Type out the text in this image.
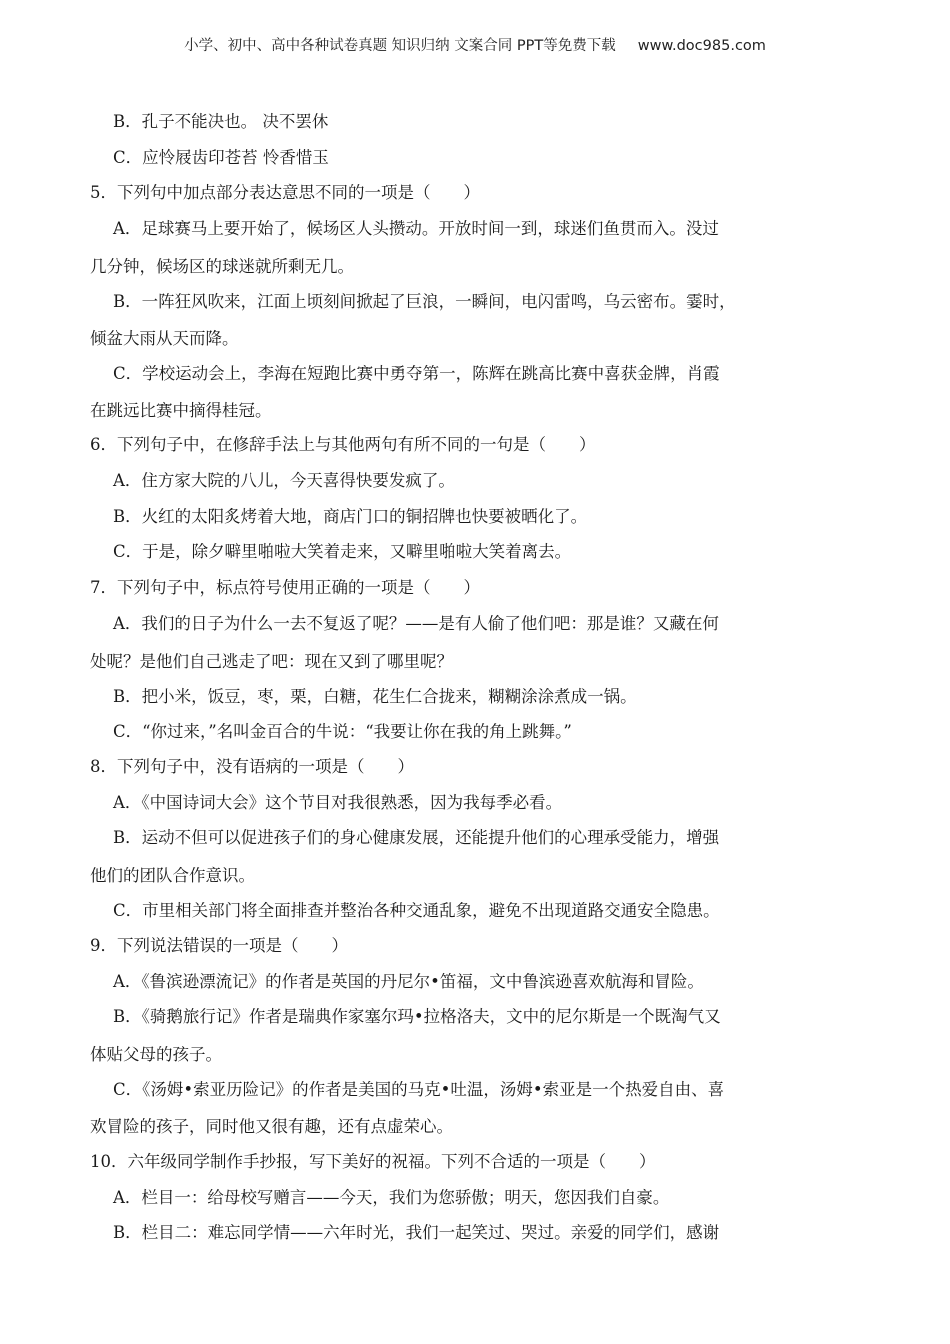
小学、初中、高中各种试卷真题 知识归纳 文案合同 PPT等免费下载 www.doc985.com
B．孔子不能决也。 决不罢休
C．应怜屐齿印苍苔 怜香惜玉
5．下列句中加点部分表达意思不同的一项是（　　）
A．足球赛马上要开始了，候场区人头攒动。开放时间一到，球迷们鱼贯而入。没过
几分钟，候场区的球迷就所剩无几。
B．一阵狂风吹来，江面上顷刻间掀起了巨浪，一瞬间，电闪雷鸣，乌云密布。霎时，
倾盆大雨从天而降。
C．学校运动会上，李海在短跑比赛中勇夺第一，陈辉在跳高比赛中喜获金牌，肖霞
在跳远比赛中摘得桂冠。
6．下列句子中，在修辞手法上与其他两句有所不同的一句是（　　）
A．住方家大院的八儿，今天喜得快要发疯了。
B．火红的太阳炙烤着大地，商店门口的铜招牌也快要被晒化了。
C．于是，除夕噼里啪啦大笑着走来，又噼里啪啦大笑着离去。
7．下列句子中，标点符号使用正确的一项是（　　）
A．我们的日子为什么一去不复返了呢？——是有人偷了他们吧：那是谁？又藏在何
处呢？是他们自己逃走了吧：现在又到了哪里呢？
B．把小米，饭豆，枣，栗，白糖，花生仁合拢来，糊糊涂涂煮成一锅。
C．“你过来，”名叫金百合的牛说：“我要让你在我的角上跳舞。”
8．下列句子中，没有语病的一项是（　　）
A．《中国诗词大会》这个节目对我很熟悉，因为我每季必看。
B．运动不但可以促进孩子们的身心健康发展，还能提升他们的心理承受能力，增强
他们的团队合作意识。
C．市里相关部门将全面排查并整治各种交通乱象，避免不出现道路交通安全隐患。
9．下列说法错误的一项是（　　）
A．《鲁滨逊漂流记》的作者是英国的丹尼尔•笛福，文中鲁滨逊喜欢航海和冒险。
B．《骑鹅旅行记》作者是瑞典作家塞尔玛•拉格洛夫，文中的尼尔斯是一个既淘气又
体贴父母的孩子。
C．《汤姆•索亚历险记》的作者是美国的马克•吐温，汤姆•索亚是一个热爱自由、喜
欢冒险的孩子，同时他又很有趣，还有点虚荣心。
10．六年级同学制作手抄报，写下美好的祝福。下列不合适的一项是（　　）
A．栏目一：给母校写赠言——今天，我们为您骄傲；明天，您因我们自豪。
B．栏目二：难忘同学情——六年时光，我们一起笑过、哭过。亲爱的同学们，感谢
